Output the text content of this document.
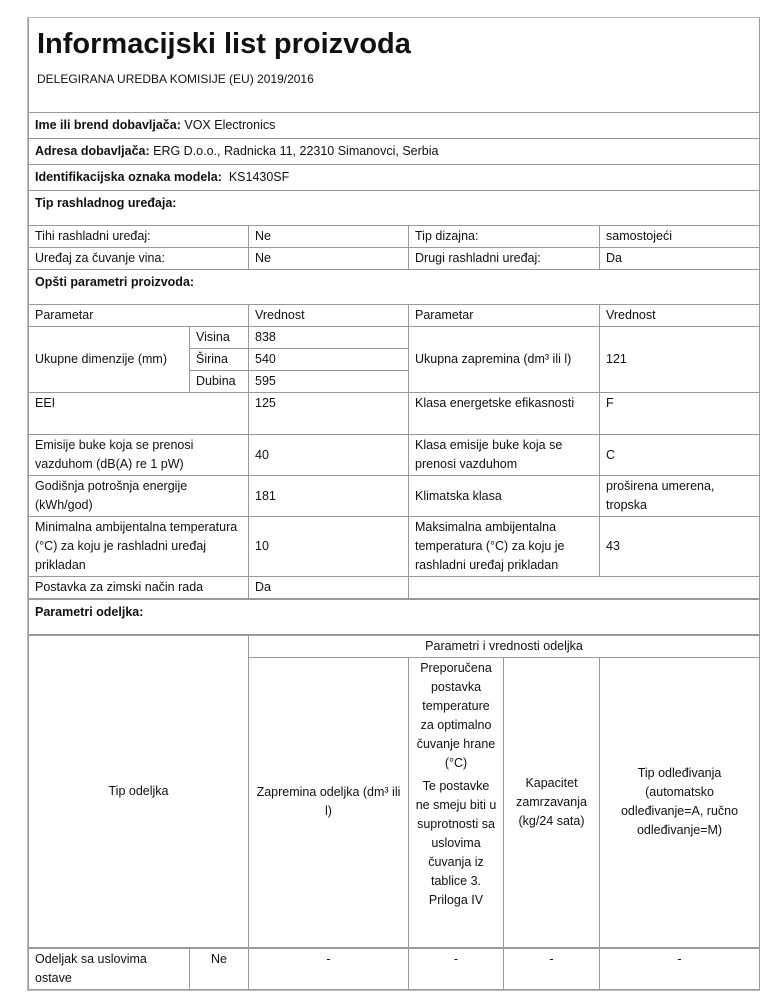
Informacijski list proizvoda
DELEGIRANA UREDBA KOMISIJE (EU) 2019/2016					

Ime ili brend dobavljača: VOX Electronics					
Adresa dobavljača: ERG D.o.o., Radnicka 11, 22310 Simanovci, Serbia					
Identifikacijska oznaka modela: KS1430SF					
Tip rashladnog uređaja:					
Tihi rashladni uređaj:		Ne	Tip dizajna:		samostojeći
Uređaj za čuvanje vina:		Ne	Drugi rashladni uređaj:		Da
Opšti parametri proizvoda:					
Parametar		Vrednost	Parametar		Vrednost
Ukupne dimenzije (mm)	Visina	838	Ukupna zapremina (dm³ ili l)		121
	Širina	540			
	Dubina	595			
EEI		125	Klasa energetske efikasnosti		F
Emisije buke koja se prenosi vazduhom (dB(A) re 1 pW)		40	Klasa emisije buke koja se prenosi vazduhom		C
Godišnja potrošnja energije (kWh/god)		181	Klimatska klasa		proširena umerena, tropska
Minimalna ambijentalna temperatura (°C) za koju je rashladni uređaj prikladan		10	Maksimalna ambijentalna temperatura (°C) za koju je rashladni uređaj prikladan		43
Postavka za zimski način rada		Da			
Parametri odeljka:					
Tip odeljka		Parametri i vrednosti odeljka			
		Zapremina odeljka (dm³ ili l)	Preporučena postavka temperature za optimalno čuvanje hrane (°C)
Te postavke ne smeju biti u suprotnosti sa uslovima čuvanja iz tablice 3. Priloga IV	Kapacitet zamrzavanja (kg/24 sata)	Tip odleđivanja (automatsko odleđivanje=A, ručno odleđivanje=M)
Odeljak sa uslovima ostave	Ne	-	-	-	-
